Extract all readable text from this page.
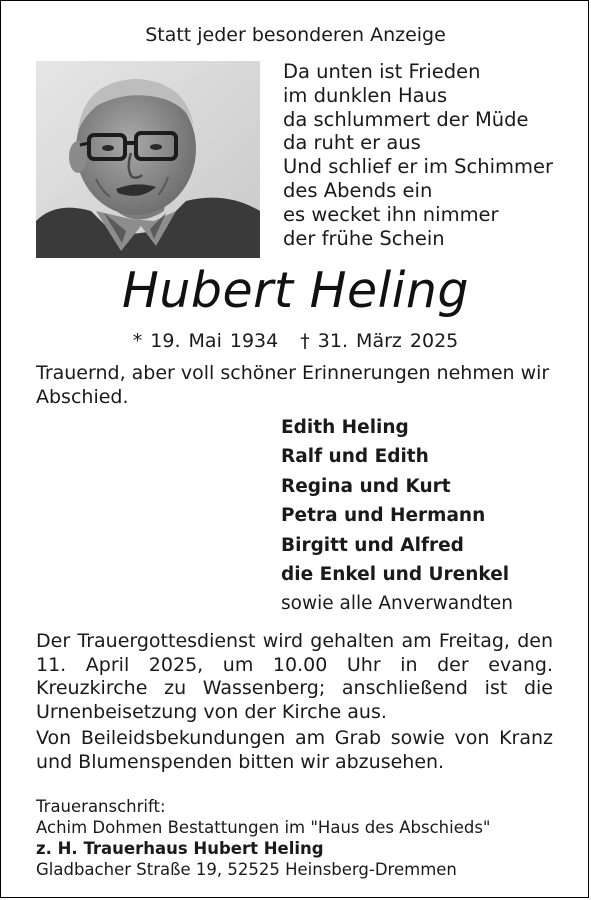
Statt jeder besonderen Anzeige
Da unten ist Frieden
im dunklen Haus
da schlummert der Müde
da ruht er aus
Und schlief er im Schimmer
des Abends ein
es wecket ihn nimmer
der frühe Schein
Hubert Heling
* 19. Mai 1934 † 31. März 2025
Trauernd, aber voll schöner Erinnerungen nehmen wir Abschied.
Edith Heling
Ralf und Edith
Regina und Kurt
Petra und Hermann
Birgitt und Alfred
die Enkel und Urenkel
sowie alle Anverwandten

Der Trauergottesdienst wird gehalten am Freitag, den 11. April 2025, um 10.00 Uhr in der evang. Kreuzkirche zu Wassenberg; anschließend ist die Urnenbeisetzung von der Kirche aus.

Von Beileidsbekundungen am Grab sowie von Kranz und Blumenspenden bitten wir abzusehen.

Traueranschrift:
Achim Dohmen Bestattungen im "Haus des Abschieds"
z. H. Trauerhaus Hubert Heling
Gladbacher Straße 19, 52525 Heinsberg-Dremmen
